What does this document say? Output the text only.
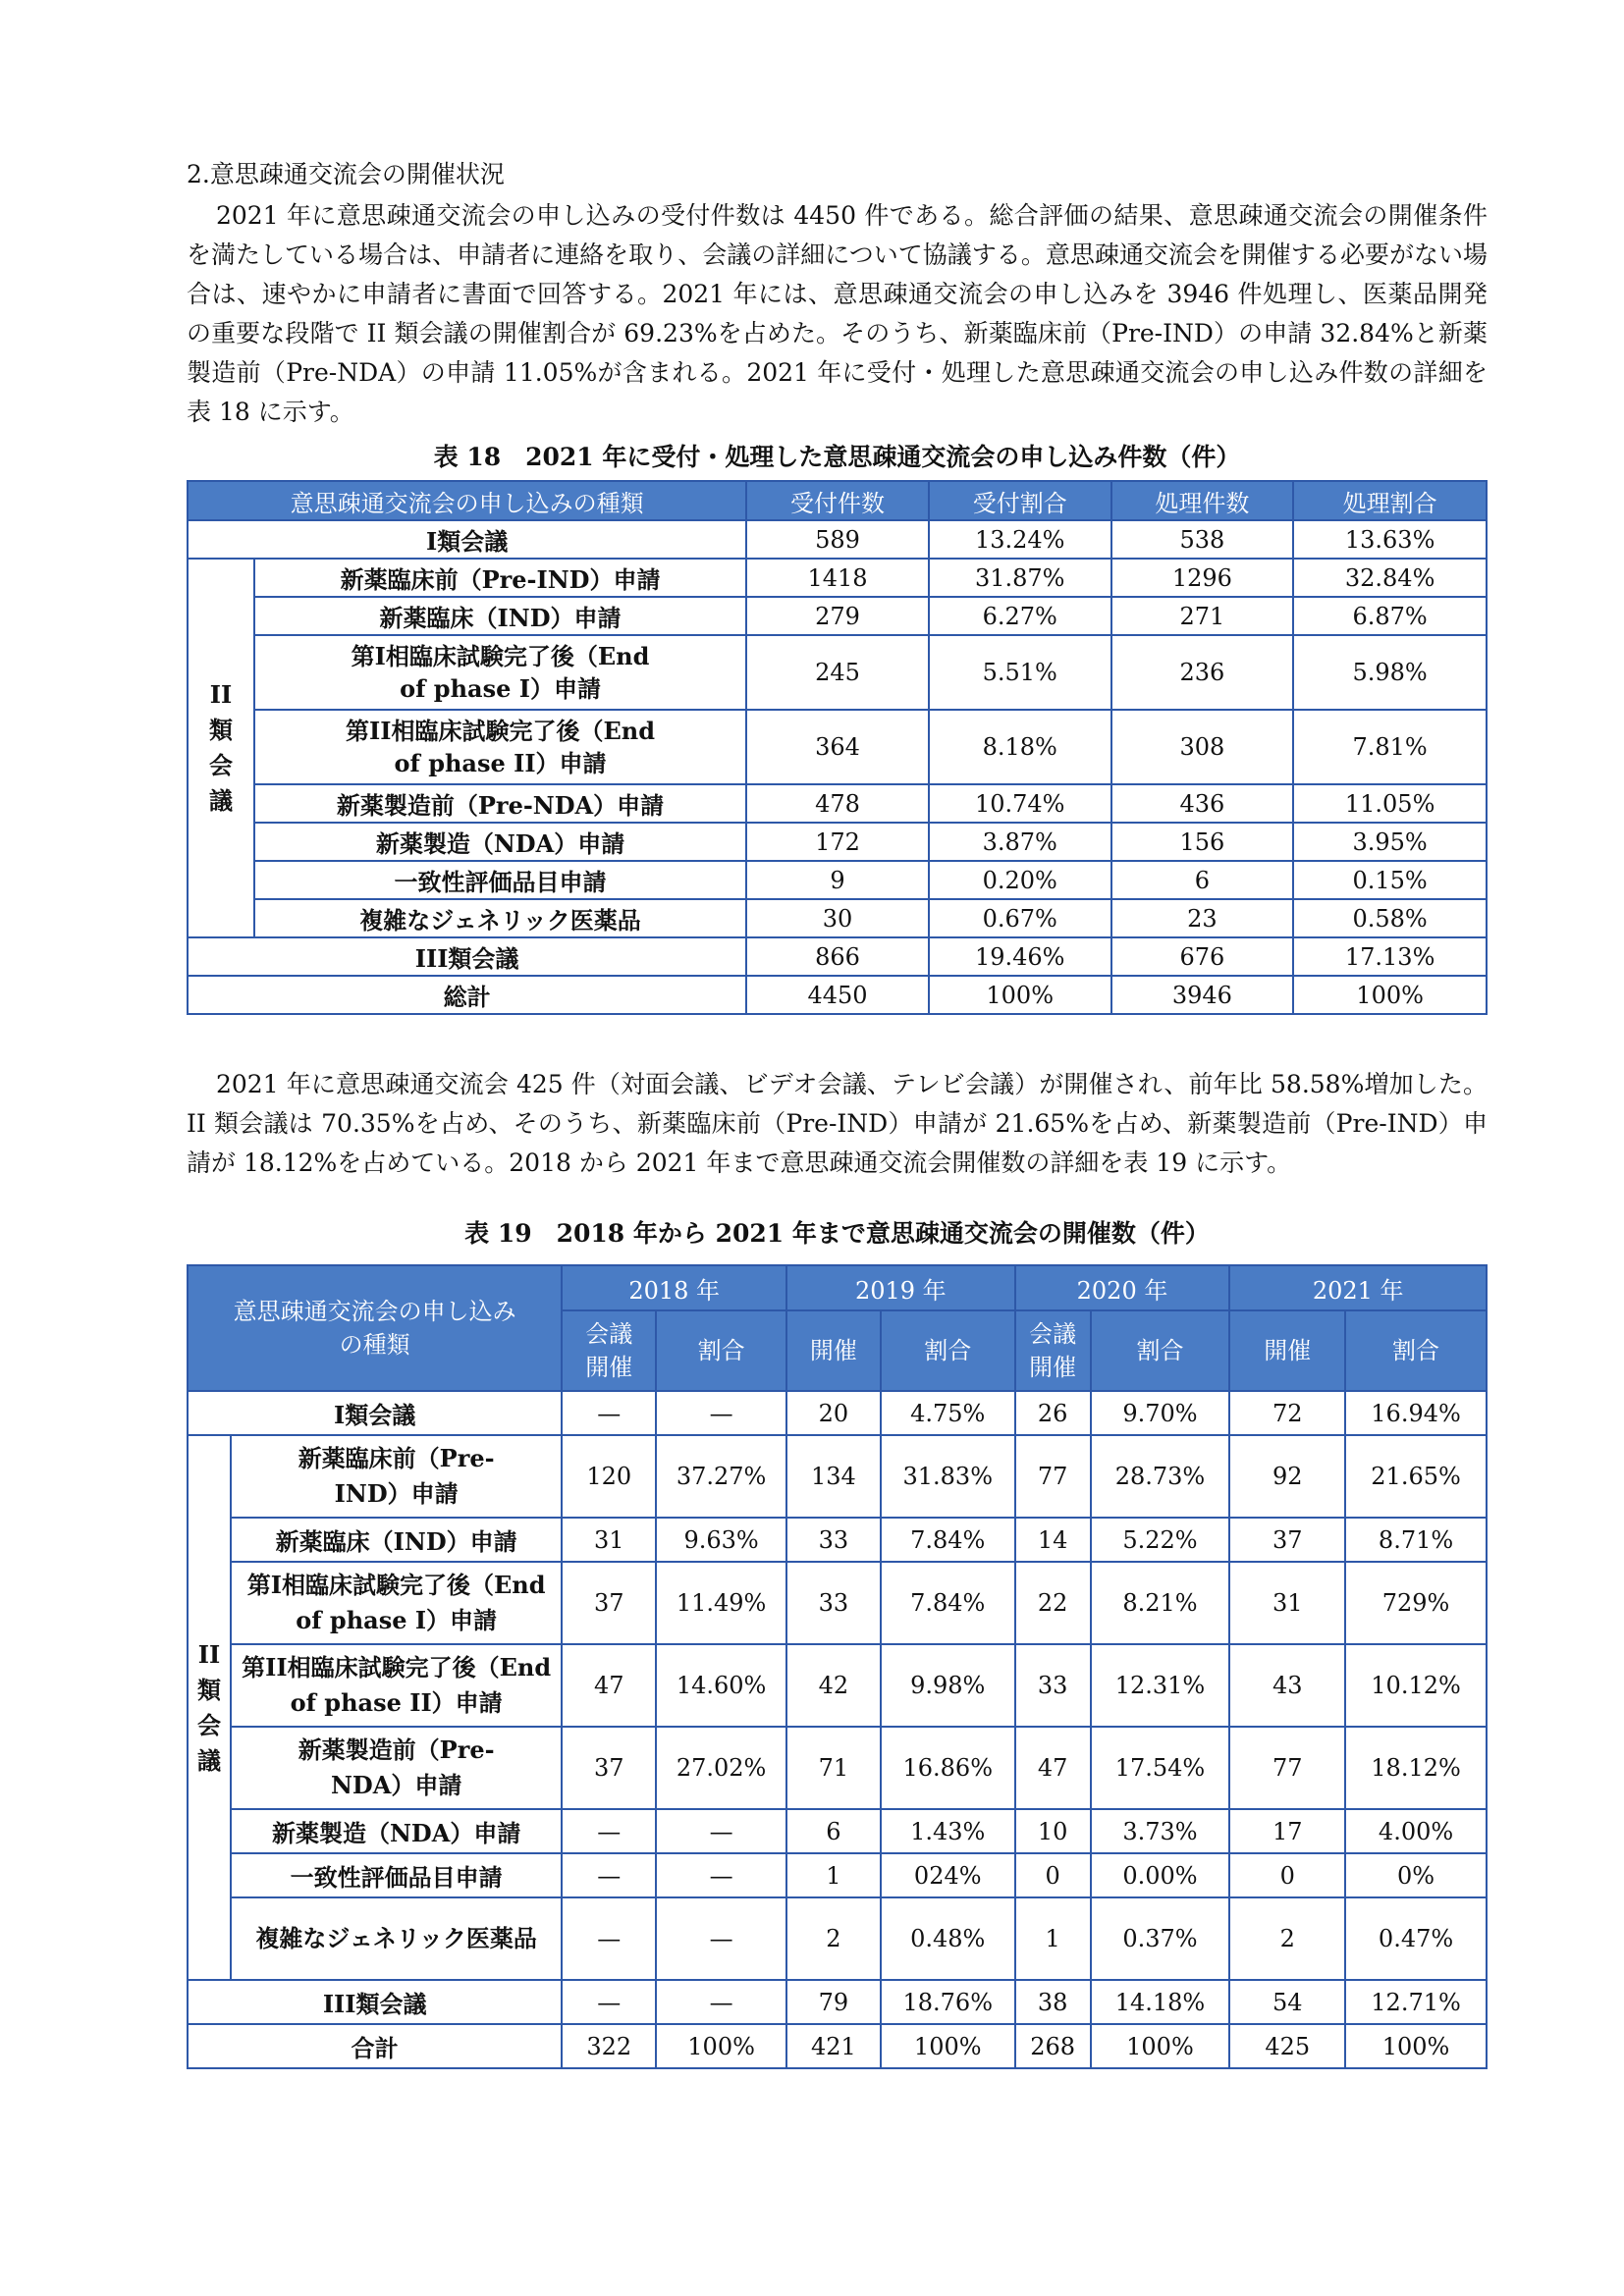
2.意思疎通交流会の開催状況

2021 年に意思疎通交流会の申し込みの受付件数は 4450 件である。総合評価の結果、意思疎通交流会の開催条件を満たしている場合は、申請者に連絡を取り、会議の詳細について協議する。意思疎通交流会を開催する必要がない場合は、速やかに申請者に書面で回答する。2021 年には、意思疎通交流会の申し込みを 3946 件処理し、医薬品開発の重要な段階で II 類会議の開催割合が 69.23%を占めた。そのうち、新薬臨床前（Pre-IND）の申請 32.84%と新薬製造前（Pre-NDA）の申請 11.05%が含まれる。2021 年に受付・処理した意思疎通交流会の申し込み件数の詳細を表 18 に示す。

表 18　2021 年に受付・処理した意思疎通交流会の申し込み件数（件）
意思疎通交流会の申し込みの種類		受付件数	受付割合	処理件数	処理割合
I類会議		589	13.24%	538	13.63%
II類会議	新薬臨床前（Pre-IND）申請	1418	31.87%	1296	32.84%
	新薬臨床（IND）申請	279	6.27%	271	6.87%
	第I相臨床試験完了後（End of phase I）申請	245	5.51%	236	5.98%
	第II相臨床試験完了後（End of phase II）申請	364	8.18%	308	7.81%
	新薬製造前（Pre-NDA）申請	478	10.74%	436	11.05%
	新薬製造（NDA）申請	172	3.87%	156	3.95%
	一致性評価品目申請	9	0.20%	6	0.15%
	複雑なジェネリック医薬品	30	0.67%	23	0.58%
III類会議		866	19.46%	676	17.13%
総計		4450	100%	3946	100%

2021 年に意思疎通交流会 425 件（対面会議、ビデオ会議、テレビ会議）が開催され、前年比 58.58%増加した。II 類会議は 70.35%を占め、そのうち、新薬臨床前（Pre-IND）申請が 21.65%を占め、新薬製造前（Pre-IND）申請が 18.12%を占めている。2018 から 2021 年まで意思疎通交流会開催数の詳細を表 19 に示す。

表 19　2018 年から 2021 年まで意思疎通交流会の開催数（件）
意思疎通交流会の申し込みの種類		2018 年		2019 年		2020 年		2021 年	
		会議開催	割合	開催	割合	会議開催	割合	開催	割合
I類会議		—	—	20	4.75%	26	9.70%	72	16.94%
II類会議	新薬臨床前（Pre-IND）申請	120	37.27%	134	31.83%	77	28.73%	92	21.65%
	新薬臨床（IND）申請	31	9.63%	33	7.84%	14	5.22%	37	8.71%
	第I相臨床試験完了後（End of phase I）申請	37	11.49%	33	7.84%	22	8.21%	31	729%
	第II相臨床試験完了後（End of phase II）申請	47	14.60%	42	9.98%	33	12.31%	43	10.12%
	新薬製造前（Pre-NDA）申請	37	27.02%	71	16.86%	47	17.54%	77	18.12%
	新薬製造（NDA）申請	—	—	6	1.43%	10	3.73%	17	4.00%
	一致性評価品目申請	—	—	1	024%	0	0.00%	0	0%
	複雑なジェネリック医薬品	—	—	2	0.48%	1	0.37%	2	0.47%
III類会議		—	—	79	18.76%	38	14.18%	54	12.71%
合計		322	100%	421	100%	268	100%	425	100%
